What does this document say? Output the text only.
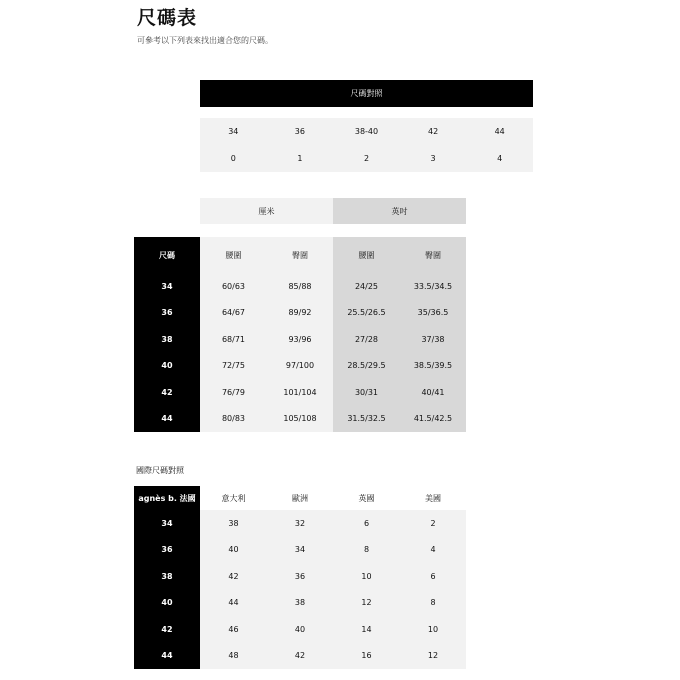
尺碼表
可參考以下列表來找出適合您的尺碼。
尺碼對照
34	36	38-40	42	44
0	1	2	3	4
厘米	英吋
尺碼	腰圍	臀圍	腰圍	臀圍
34	60/63	85/88	24/25	33.5/34.5
36	64/67	89/92	25.5/26.5	35/36.5
38	68/71	93/96	27/28	37/38
40	72/75	97/100	28.5/29.5	38.5/39.5
42	76/79	101/104	30/31	40/41
44	80/83	105/108	31.5/32.5	41.5/42.5
國際尺碼對照
agnès b. 法國	意大利	歐洲	英國	美國
34	38	32	6	2
36	40	34	8	4
38	42	36	10	6
40	44	38	12	8
42	46	40	14	10
44	48	42	16	12
